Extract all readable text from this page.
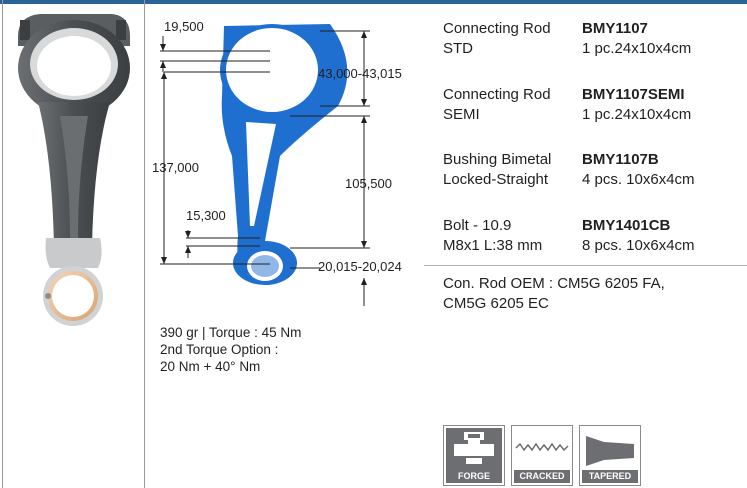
19,500
43,000-43,015
137,000
105,500
15,300
20,015-20,024
390 gr | Torque : 45 Nm
2nd Torque Option :
20 Nm + 40° Nm
Connecting Rod
STD
BMY1107
1 pc.24x10x4cm
Connecting Rod
SEMI
BMY1107SEMI
1 pc.24x10x4cm
Bushing Bimetal
Locked-Straight
BMY1107B
4 pcs. 10x6x4cm
Bolt - 10.9
M8x1 L:38 mm
BMY1401CB
8 pcs. 10x6x4cm
Con. Rod OEM : CM5G 6205 FA,
CM5G 6205 EC
FORGE	CRACKED	TAPERED
